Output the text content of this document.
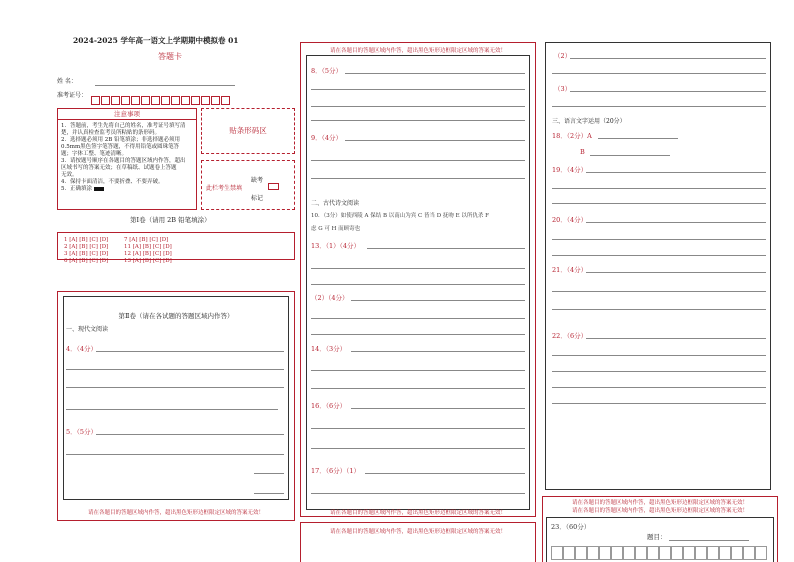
2024-2025 学年高一语文上学期期中模拟卷 01
答题卡
姓 名：
准考证号：
注意事项
1．答题前，考生先将自己的姓名，准考证号填写清
楚，并认真检查监考员所粘贴的条形码。
2．选择题必须用 2B 铅笔填涂；非选择题必须用
0.5mm黑色签字笔答题，不得用铅笔或圆珠笔答
题；字体工整、笔迹清晰。
3．请按题号顺序在各题目的答题区域内作答，超出
区域书写的答案无效；在草稿纸、试题卷上答题
无效。
4．保持卡面清洁，不要折叠、不要弄破。
5．正确填涂
贴条形码区
此栏考生禁填
缺考
标记
第Ⅰ卷（请用 2B 铅笔填涂）
1 [A] [B] [C] [D]
2 [A] [B] [C] [D]
3 [A] [B] [C] [D]
6 [A] [B] [C] [D]
7 [A] [B] [C] [D]
11 [A] [B] [C] [D]
12 [A] [B] [C] [D]
13 [A] [B] [C] [D]
第Ⅱ卷（请在各试题的答题区域内作答）
一、现代文阅读
4．（4分）
5．（5分）
请在各题目的答题区域内作答，超出黑色矩形边框限定区域的答案无效！
请在各题目的答题区域内作答，超出黑色矩形边框限定区域的答案无效！
8．（5分）
9．（4分）
二、古代诗文阅读
10．（3分）如使西陵 A 保结 B 以南山为宾 C 皆当 D 抚吻 E 以所仇杀 F
虑 G 可 H 而顾寄也
13．（1）（4分）
（2）（4分）
14．（3分）
16．（6分）
17．（6分）（1）
请在各题目的答题区域内作答，超出黑色矩形边框限定区域的答案无效！
请在各题目的答题区域内作答，超出黑色矩形边框限定区域的答案无效！
（2）
（3）
三、语言文字运用（20分）
18．（2分）A
B
19．（4分）
20．（4分）
21．（4分）
22．（6分）
请在各题目的答题区域内作答，超出黑色矩形边框限定区域的答案无效！
请在各题目的答题区域内作答，超出黑色矩形边框限定区域的答案无效！
23．（60分）
题目：
